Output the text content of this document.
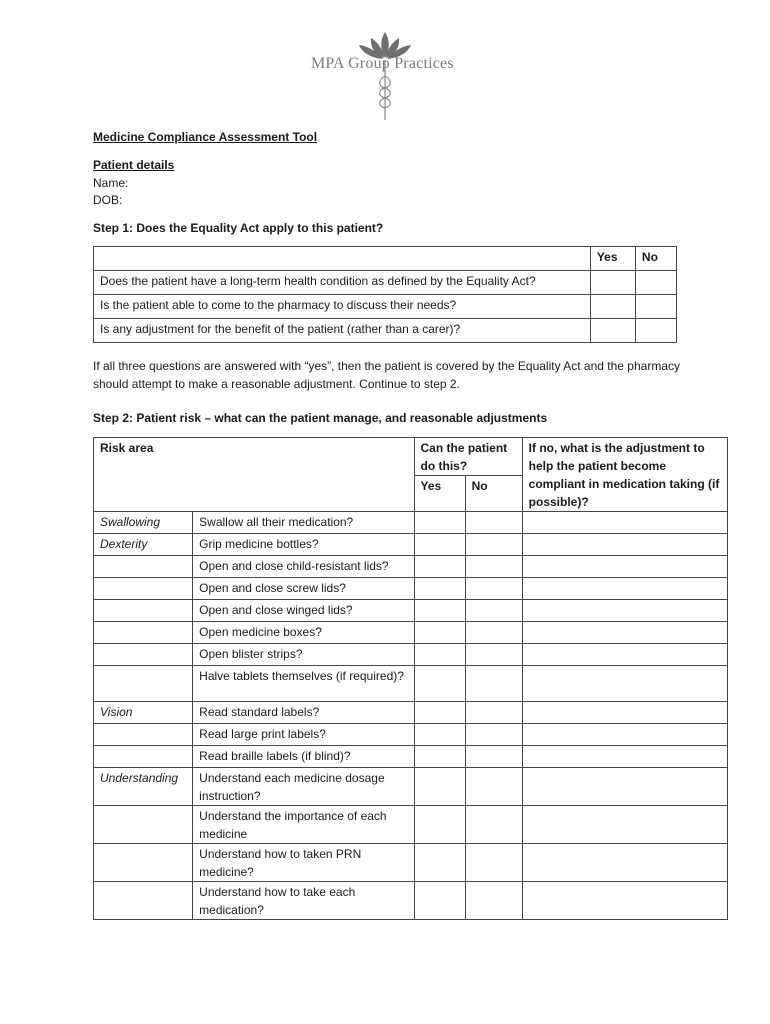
MPA Group Practices
Medicine Compliance Assessment Tool
Patient details
Name:
DOB:
Step 1: Does the Equality Act apply to this patient?
	Yes	No
Does the patient have a long-term health condition as defined by the Equality Act?		
Is the patient able to come to the pharmacy to discuss their needs?		
Is any adjustment for the benefit of the patient (rather than a carer)?		
If all three questions are answered with “yes”, then the patient is covered by the Equality Act and the pharmacy should attempt to make a reasonable adjustment. Continue to step 2.
Step 2: Patient risk – what can the patient manage, and reasonable adjustments
Risk area		Can the patient do this?		If no, what is the adjustment to help the patient become compliant in medication taking (if possible)?
		Yes	No	
Swallowing	Swallow all their medication?			
Dexterity	Grip medicine bottles?			
	Open and close child-resistant lids?			
	Open and close screw lids?			
	Open and close winged lids?			
	Open medicine boxes?			
	Open blister strips?			
	Halve tablets themselves (if required)?			
Vision	Read standard labels?			
	Read large print labels?			
	Read braille labels (if blind)?			
Understanding	Understand each medicine dosage instruction?			
	Understand the importance of each medicine			
	Understand how to taken PRN medicine?			
	Understand how to take each medication?			
